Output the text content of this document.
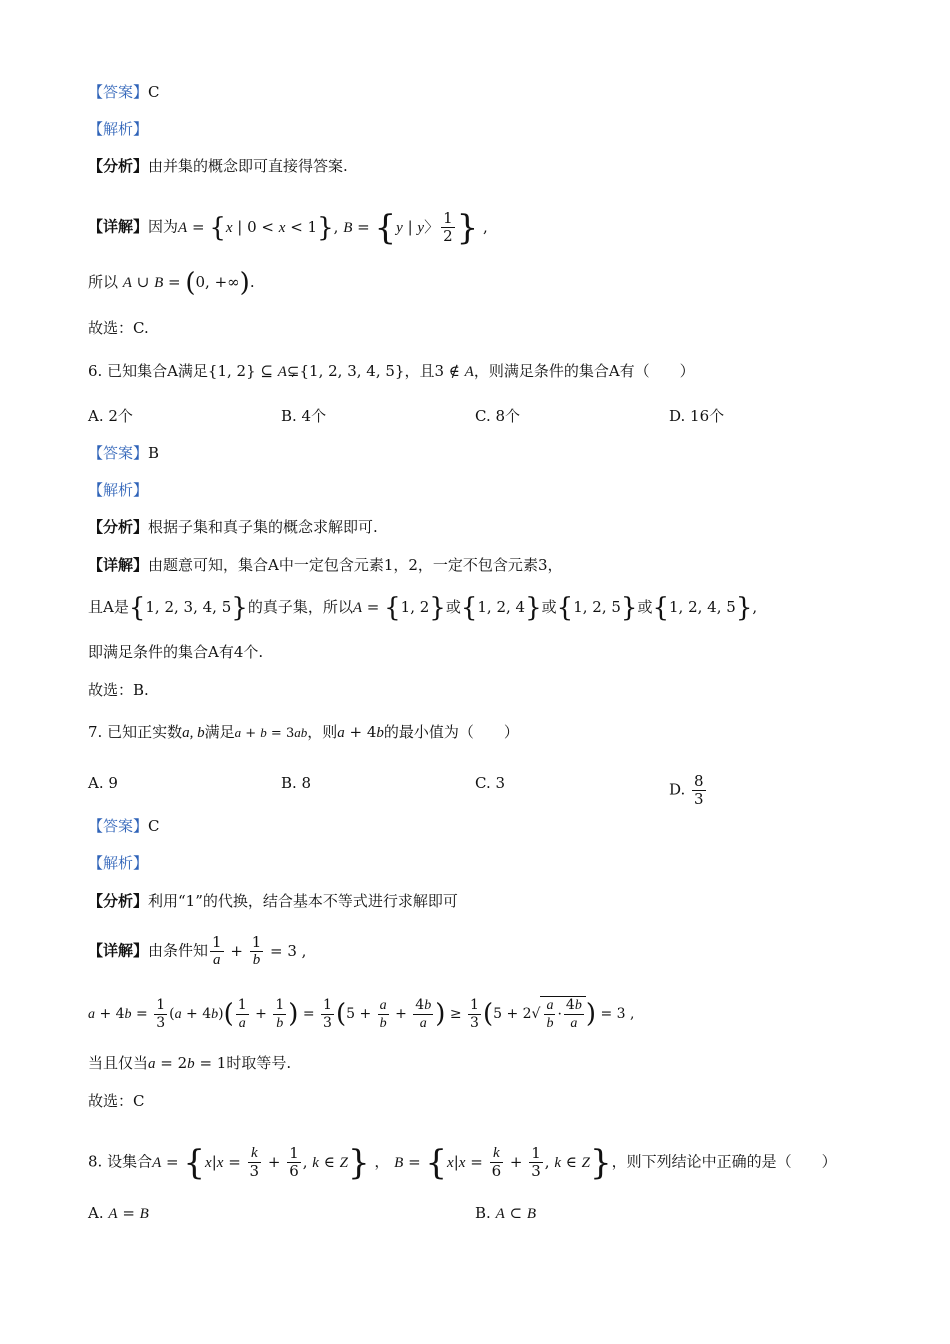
【答案】C
【解析】
【分析】由并集的概念即可直接得答案.
【详解】因为A = {x | 0 < x < 1}, B = {y | y〉 $\frac{1}{2}$ } ,
所以 A ∪ B = (0, +∞).
故选：C.
6. 已知集合A满足{1, 2} ⊆ A⊊{1, 2, 3, 4, 5}，且3 ∉ A，则满足条件的集合A有（　　）
A. 2个	B. 4个	C. 8个	D. 16个
【答案】B
【解析】
【分析】根据子集和真子集的概念求解即可.
【详解】由题意可知，集合A中一定包含元素1，2，一定不包含元素3，
且A是{1, 2, 3, 4, 5}的真子集，所以A = {1, 2}或{1, 2, 4}或{1, 2, 5}或{1, 2, 4, 5},
即满足条件的集合A有4个.
故选：B.
7. 已知正实数a, b满足a + b = 3ab，则a + 4b的最小值为（　　）
A. 9	B. 8	C. 3	D. $\frac{8}{3}$
【答案】C
【解析】
【分析】利用“1”的代换，结合基本不等式进行求解即可
【详解】由条件知 $\frac{1}{a} + \frac{1}{b} = 3$ ,
$a + 4b = \frac{1}{3} (a + 4b)( \frac{1}{a} + \frac{1}{b}$ ) = $\frac{1}{3} (5 + \frac{a}{b} + \frac{4b}{a}$ ) ≥ $\frac{1}{3} (5 + 2√ \frac{a}{b} \cdot \frac{4b}{a}$ ) = 3 ,
当且仅当a = 2b = 1时取等号.
故选：C
8. 设集合$A = \{x|x = \frac{k}{3} + \frac{1}{6}$ , k ∈ Z} ， $B = \{x|x = \frac{k}{6} + \frac{1}{3}$ , k ∈ Z}，则下列结论中正确的是（　　）
A. A = B	B. A ⊂ B
